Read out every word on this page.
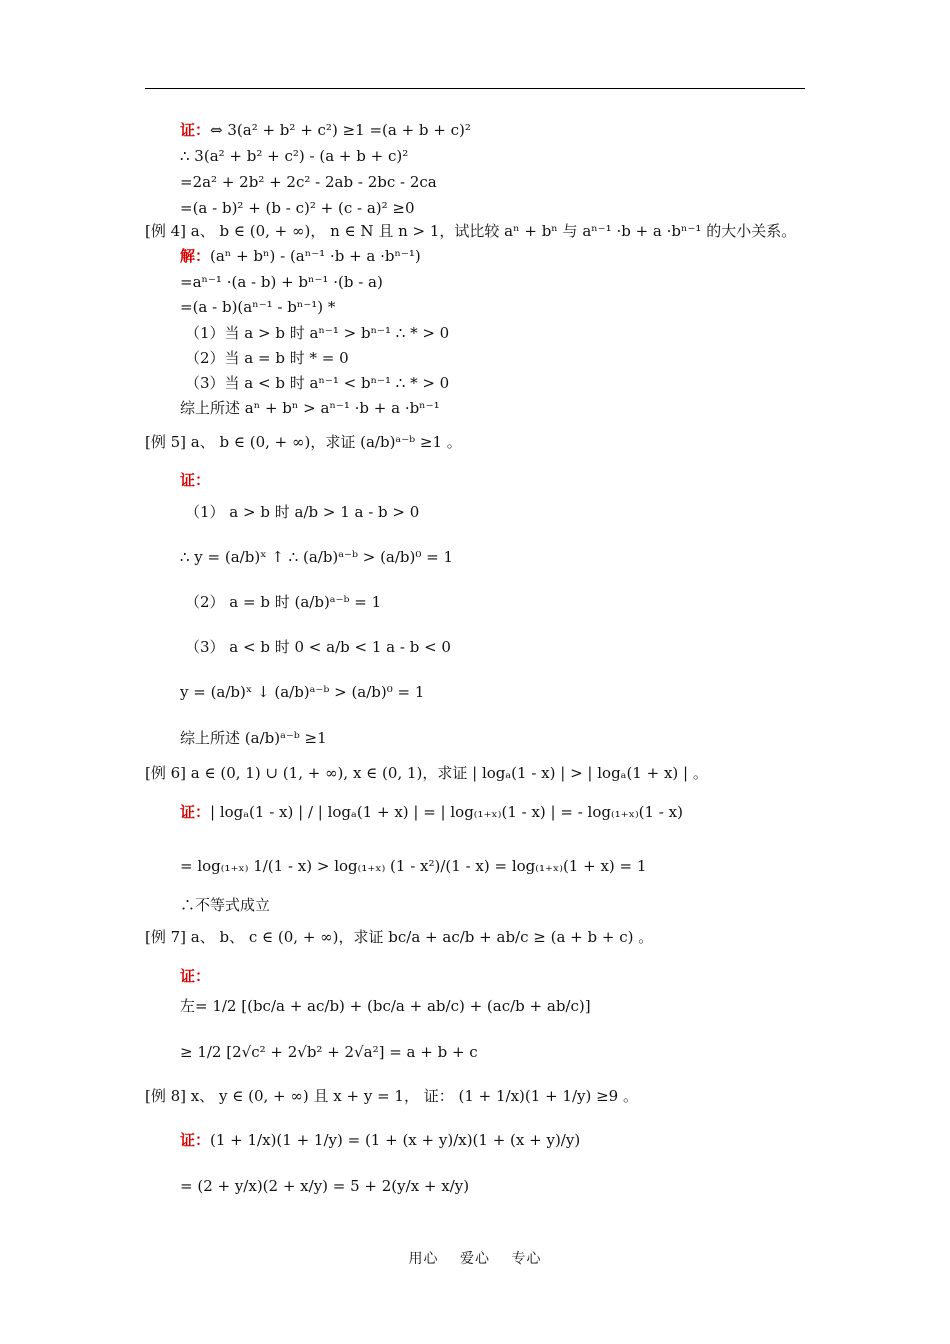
证：⇔ 3(a² + b² + c²) ≥1 =(a + b + c)²
∴ 3(a² + b² + c²) - (a + b + c)²
=2a² + 2b² + 2c² - 2ab - 2bc - 2ca
=(a - b)² + (b - c)² + (c - a)² ≥0
[例 4] a、 b ∈ (0, + ∞)， n ∈ N 且 n > 1，试比较 aⁿ + bⁿ 与 aⁿ⁻¹ ·b + a ·bⁿ⁻¹ 的大小关系。
解：(aⁿ + bⁿ) - (aⁿ⁻¹ ·b + a ·bⁿ⁻¹)
=aⁿ⁻¹ ·(a - b) + bⁿ⁻¹ ·(b - a)
=(a - b)(aⁿ⁻¹ - bⁿ⁻¹) *
（1）当 a > b 时 aⁿ⁻¹ > bⁿ⁻¹ ∴ * > 0
（2）当 a = b 时 * = 0
（3）当 a < b 时 aⁿ⁻¹ < bⁿ⁻¹ ∴ * > 0
综上所述 aⁿ + bⁿ > aⁿ⁻¹ ·b + a ·bⁿ⁻¹
[例 5] a、 b ∈ (0, + ∞)，求证 (a/b)ᵃ⁻ᵇ ≥1 。
证：
（1） a > b 时 a/b > 1 a - b > 0
∴ y = (a/b)ˣ ↑ ∴ (a/b)ᵃ⁻ᵇ > (a/b)⁰ = 1
（2） a = b 时 (a/b)ᵃ⁻ᵇ = 1
（3） a < b 时 0 < a/b < 1 a - b < 0
y = (a/b)ˣ ↓ (a/b)ᵃ⁻ᵇ > (a/b)⁰ = 1
综上所述 (a/b)ᵃ⁻ᵇ ≥1
[例 6] a ∈ (0, 1) ∪ (1, + ∞), x ∈ (0, 1)，求证 | logₐ(1 - x) | > | logₐ(1 + x) | 。
证：| logₐ(1 - x) | / | logₐ(1 + x) | = | log₍₁₊ₓ₎(1 - x) | = - log₍₁₊ₓ₎(1 - x)
= log₍₁₊ₓ₎ 1/(1 - x) > log₍₁₊ₓ₎ (1 - x²)/(1 - x) = log₍₁₊ₓ₎(1 + x) = 1
∴不等式成立
[例 7] a、 b、 c ∈ (0, + ∞)，求证 bc/a + ac/b + ab/c ≥ (a + b + c) 。
证：
左= 1/2 [(bc/a + ac/b) + (bc/a + ab/c) + (ac/b + ab/c)]
≥ 1/2 [2√c² + 2√b² + 2√a²] = a + b + c
[例 8] x、 y ∈ (0, + ∞) 且 x + y = 1， 证： (1 + 1/x)(1 + 1/y) ≥9 。
证：(1 + 1/x)(1 + 1/y) = (1 + (x + y)/x)(1 + (x + y)/y)
= (2 + y/x)(2 + x/y) = 5 + 2(y/x + x/y)
用心 爱心 专心
